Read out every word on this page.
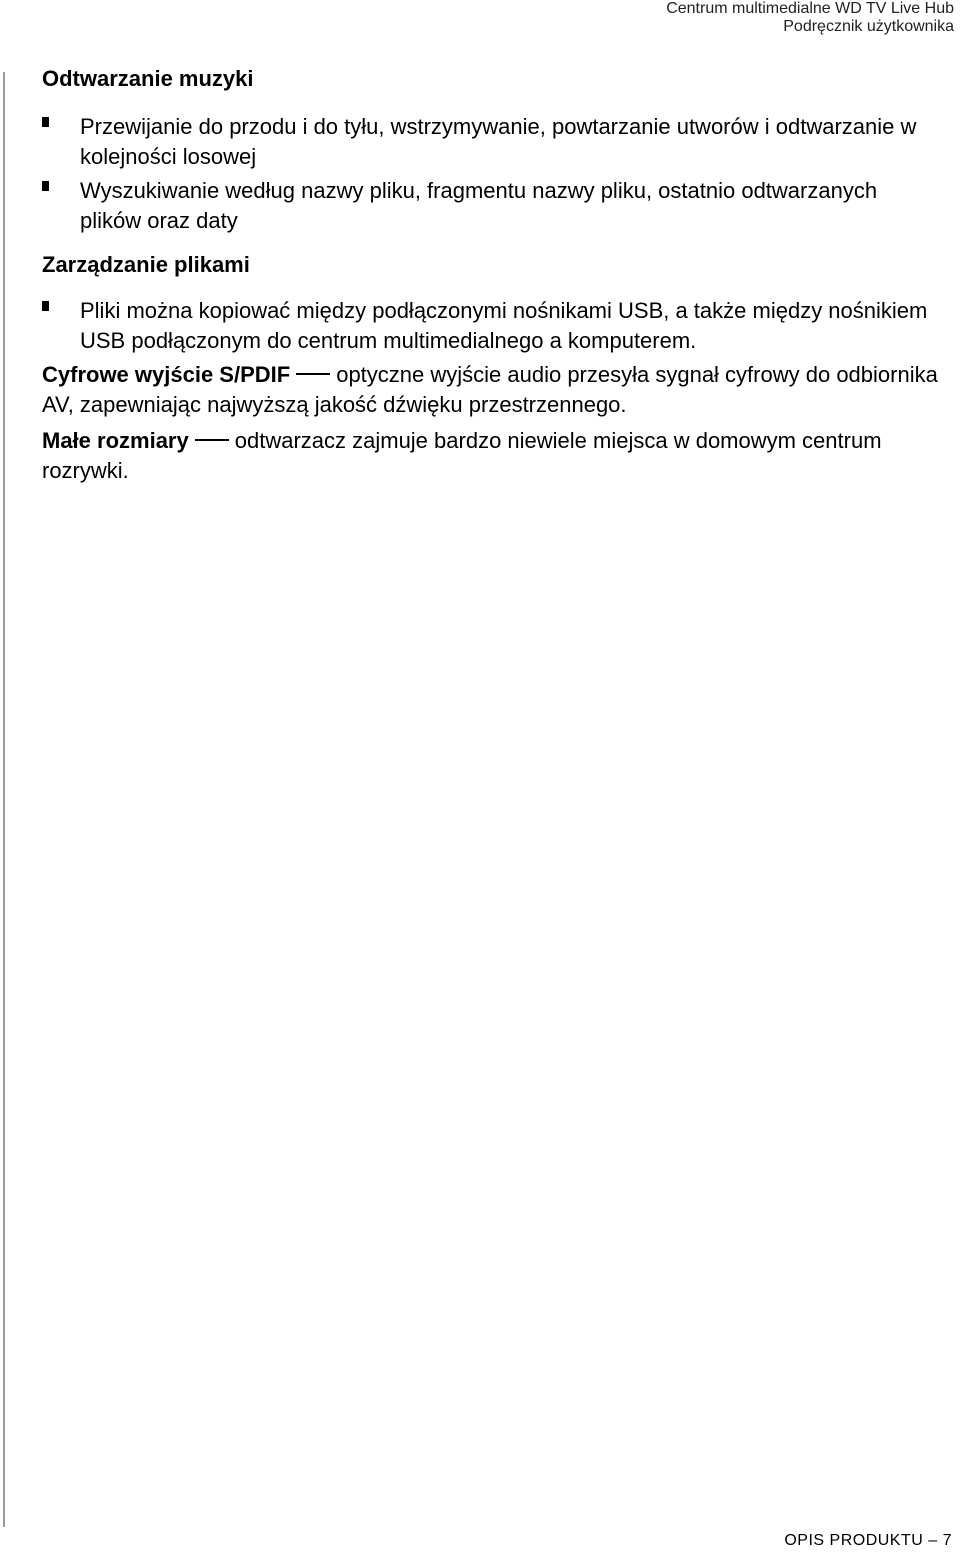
Centrum multimedialne WD TV Live Hub
Podręcznik użytkownika

Odtwarzanie muzyki

Przewijanie do przodu i do tyłu, wstrzymywanie, powtarzanie utworów i odtwarzanie w kolejności losowej
Wyszukiwanie według nazwy pliku, fragmentu nazwy pliku, ostatnio odtwarzanych plików oraz daty

Zarządzanie plikami

Pliki można kopiować między podłączonymi nośnikami USB, a także między nośnikiem USB podłączonym do centrum multimedialnego a komputerem.

Cyfrowe wyjście S/PDIF optyczne wyjście audio przesyła sygnał cyfrowy do odbiornika AV, zapewniając najwyższą jakość dźwięku przestrzennego.

Małe rozmiary odtwarzacz zajmuje bardzo niewiele miejsca w domowym centrum rozrywki.

OPIS PRODUKTU – 7
